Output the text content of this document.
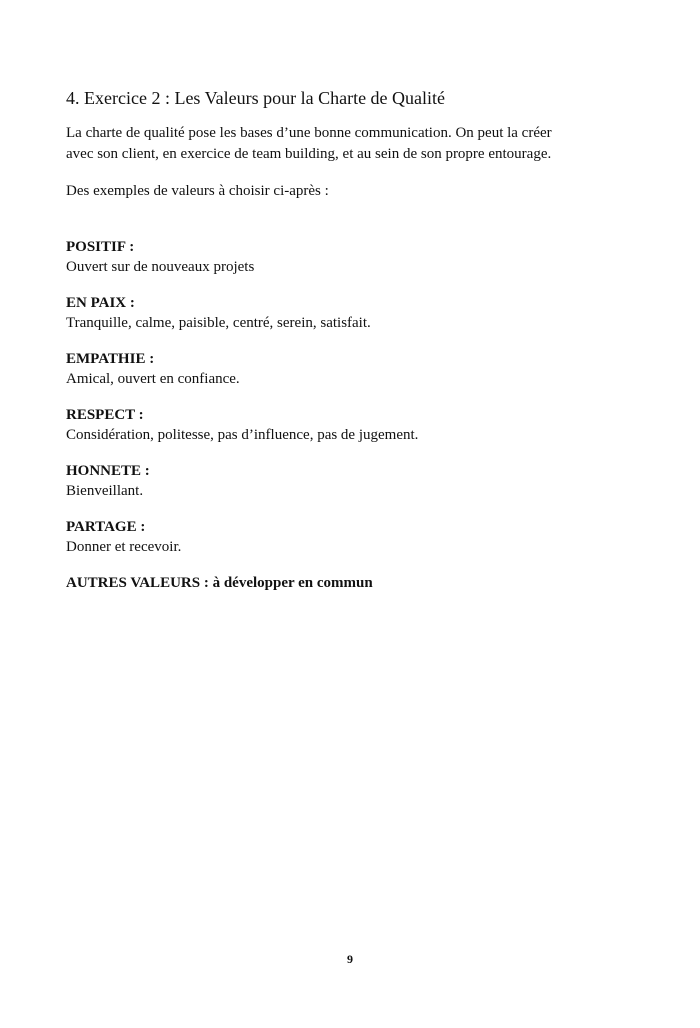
4. Exercice 2 : Les Valeurs pour la Charte de Qualité

La charte de qualité pose les bases d’une bonne communication. On peut la créer
avec son client, en exercice de team building, et au sein de son propre entourage.

Des exemples de valeurs à choisir ci-après :

POSITIF :
Ouvert sur de nouveaux projets
EN PAIX :
Tranquille, calme, paisible, centré, serein, satisfait.
EMPATHIE :
Amical, ouvert en confiance.
RESPECT :
Considération, politesse, pas d’influence, pas de jugement.
HONNETE :
Bienveillant.
PARTAGE :
Donner et recevoir.

AUTRES VALEURS : à développer en commun

9
